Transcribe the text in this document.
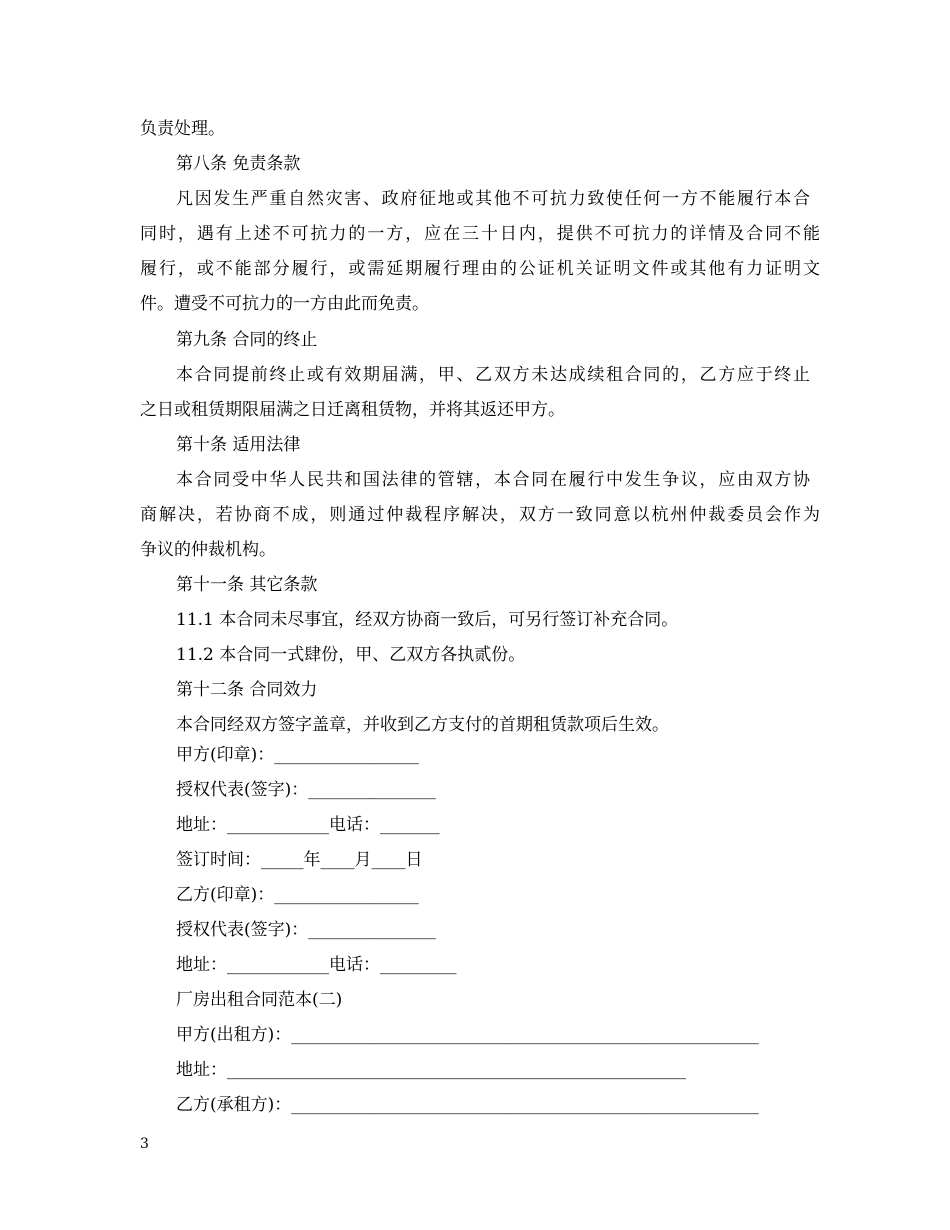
负责处理。
第八条 免责条款
凡因发生严重自然灾害、政府征地或其他不可抗力致使任何一方不能履行本合
同时，遇有上述不可抗力的一方，应在三十日内，提供不可抗力的详情及合同不能
履行，或不能部分履行，或需延期履行理由的公证机关证明文件或其他有力证明文
件。遭受不可抗力的一方由此而免责。
第九条 合同的终止
本合同提前终止或有效期届满，甲、乙双方未达成续租合同的，乙方应于终止
之日或租赁期限届满之日迁离租赁物，并将其返还甲方。
第十条 适用法律
本合同受中华人民共和国法律的管辖，本合同在履行中发生争议，应由双方协
商解决，若协商不成，则通过仲裁程序解决，双方一致同意以杭州仲裁委员会作为
争议的仲裁机构。
第十一条 其它条款
11.1 本合同未尽事宜，经双方协商一致后，可另行签订补充合同。
11.2 本合同一式肆份，甲、乙双方各执贰份。
第十二条 合同效力
本合同经双方签字盖章，并收到乙方支付的首期租赁款项后生效。
甲方(印章)：_________________
授权代表(签字)：_______________
地址：____________电话：_______
签订时间：_____年____月____日
乙方(印章)：_________________
授权代表(签字)：_______________
地址：____________电话：_________
厂房出租合同范本(二)
甲方(出租方)：_______________________________________________________
地址：______________________________________________________
乙方(承租方)：_______________________________________________________
3
